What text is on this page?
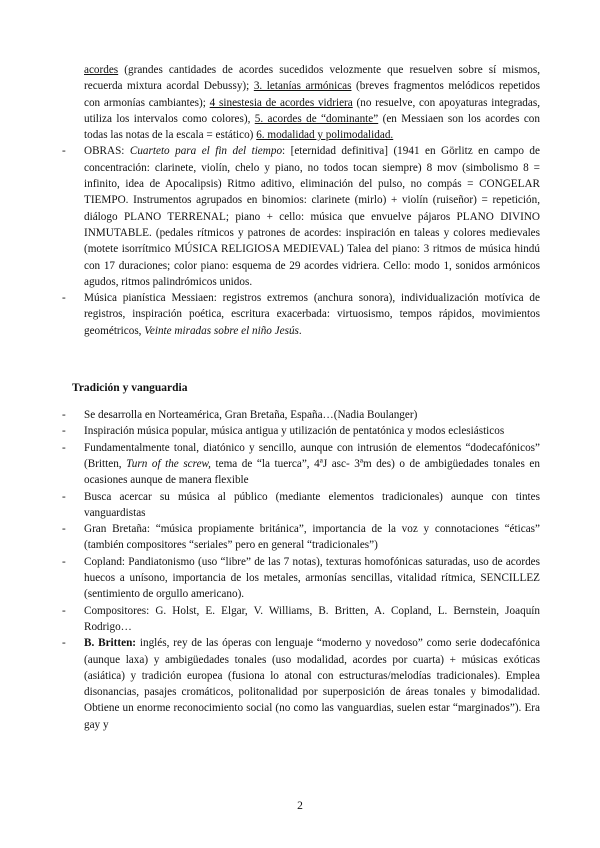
acordes (grandes cantidades de acordes sucedidos velozmente que resuelven sobre sí mismos, recuerda mixtura acordal Debussy); 3. letanías armónicas (breves fragmentos melódicos repetidos con armonías cambiantes); 4 sinestesia de acordes vidriera (no resuelve, con apoyaturas integradas, utiliza los intervalos como colores), 5. acordes de “dominante” (en Messiaen son los acordes con todas las notas de la escala = estático) 6. modalidad y polimodalidad.

- OBRAS: Cuarteto para el fin del tiempo: [eternidad definitiva] (1941 en Görlitz en campo de concentración: clarinete, violín, chelo y piano, no todos tocan siempre) 8 mov (simbolismo 8 = infinito, idea de Apocalipsis) Ritmo aditivo, eliminación del pulso, no compás = CONGELAR TIEMPO. Instrumentos agrupados en binomios: clarinete (mirlo) + violín (ruiseñor) = repetición, diálogo PLANO TERRENAL; piano + cello: música que envuelve pájaros PLANO DIVINO INMUTABLE. (pedales rítmicos y patrones de acordes: inspiración en taleas y colores medievales (motete isorrítmico MÚSICA RELIGIOSA MEDIEVAL) Talea del piano: 3 ritmos de música hindú con 17 duraciones; color piano: esquema de 29 acordes vidriera. Cello: modo 1, sonidos armónicos agudos, ritmos palindrómicos unidos.

- Música pianística Messiaen: registros extremos (anchura sonora), individualización motívica de registros, inspiración poética, escritura exacerbada: virtuosismo, tempos rápidos, movimientos geométricos, Veinte miradas sobre el niño Jesús.

Tradición y vanguardia

- Se desarrolla en Norteamérica, Gran Bretaña, España…(Nadia Boulanger)

- Inspiración música popular, música antigua y utilización de pentatónica y modos eclesiásticos

- Fundamentalmente tonal, diatónico y sencillo, aunque con intrusión de elementos “dodecafónicos” (Britten, Turn of the screw, tema de “la tuerca”, 4ªJ asc- 3ªm des) o de ambigüedades tonales en ocasiones aunque de manera flexible

- Busca acercar su música al público (mediante elementos tradicionales) aunque con tintes vanguardistas

- Gran Bretaña: “música propiamente británica”, importancia de la voz y connotaciones “éticas” (también compositores “seriales” pero en general “tradicionales”)

- Copland: Pandiatonismo (uso “libre” de las 7 notas), texturas homofónicas saturadas, uso de acordes huecos a unísono, importancia de los metales, armonías sencillas, vitalidad rítmica, SENCILLEZ (sentimiento de orgullo americano).

- Compositores: G. Holst, E. Elgar, V. Williams, B. Britten, A. Copland, L. Bernstein, Joaquín Rodrigo…

- B. Britten: inglés, rey de las óperas con lenguaje “moderno y novedoso” como serie dodecafónica (aunque laxa) y ambigüedades tonales (uso modalidad, acordes por cuarta) + músicas exóticas (asiática) y tradición europea (fusiona lo atonal con estructuras/melodías tradicionales). Emplea disonancias, pasajes cromáticos, politonalidad por superposición de áreas tonales y bimodalidad. Obtiene un enorme reconocimiento social (no como las vanguardias, suelen estar “marginados”). Era gay y

2
